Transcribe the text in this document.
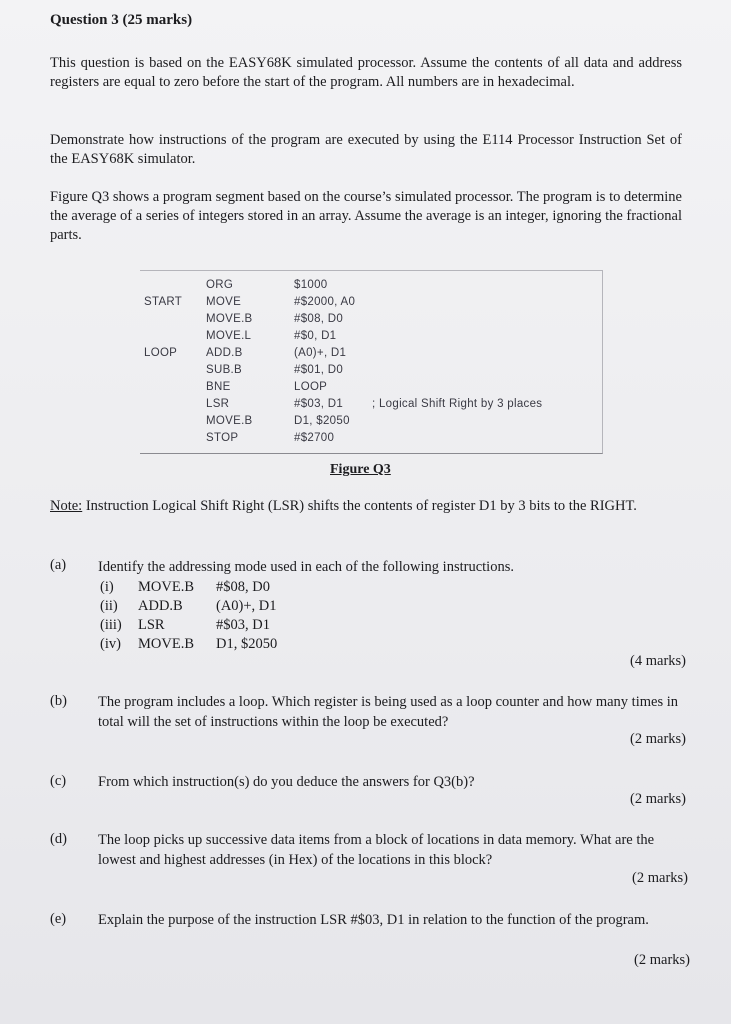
Question 3 (25 marks)
This question is based on the EASY68K simulated processor. Assume the contents of all data and address registers are equal to zero before the start of the program. All numbers are in hexadecimal.
Demonstrate how instructions of the program are executed by using the E114 Processor Instruction Set of the EASY68K simulator.
Figure Q3 shows a program segment based on the course’s simulated processor. The program is to determine the average of a series of integers stored in an array. Assume the average is an integer, ignoring the fractional parts.
ORG	$1000
START MOVE	#$2000, A0
MOVE.B	#$08, D0
MOVE.L	#$0, D1
LOOP	ADD.B	(A0)+, D1
SUB.B	#$01, D0
BNE	LOOP
LSR	#$03, D1	; Logical Shift Right by 3 places
MOVE.B	D1, $2050
STOP	#$2700
Figure Q3
Note: Instruction Logical Shift Right (LSR) shifts the contents of register D1 by 3 bits to the RIGHT.
(a) Identify the addressing mode used in each of the following instructions.
(i) MOVE.B #$08, D0
(ii) ADD.B (A0)+, D1
(iii) LSR	#$03, D1
(iv) MOVE.B D1, $2050
(4 marks)
(b) The program includes a loop. Which register is being used as a loop counter and how many times in total will the set of instructions within the loop be executed?
(2 marks)
(c) From which instruction(s) do you deduce the answers for Q3(b)?
(2 marks)
(d) The loop picks up successive data items from a block of locations in data memory. What are the lowest and highest addresses (in Hex) of the locations in this block?
(2 marks)
(e) Explain the purpose of the instruction LSR #$03, D1 in relation to the function of the program.
(2 marks)
